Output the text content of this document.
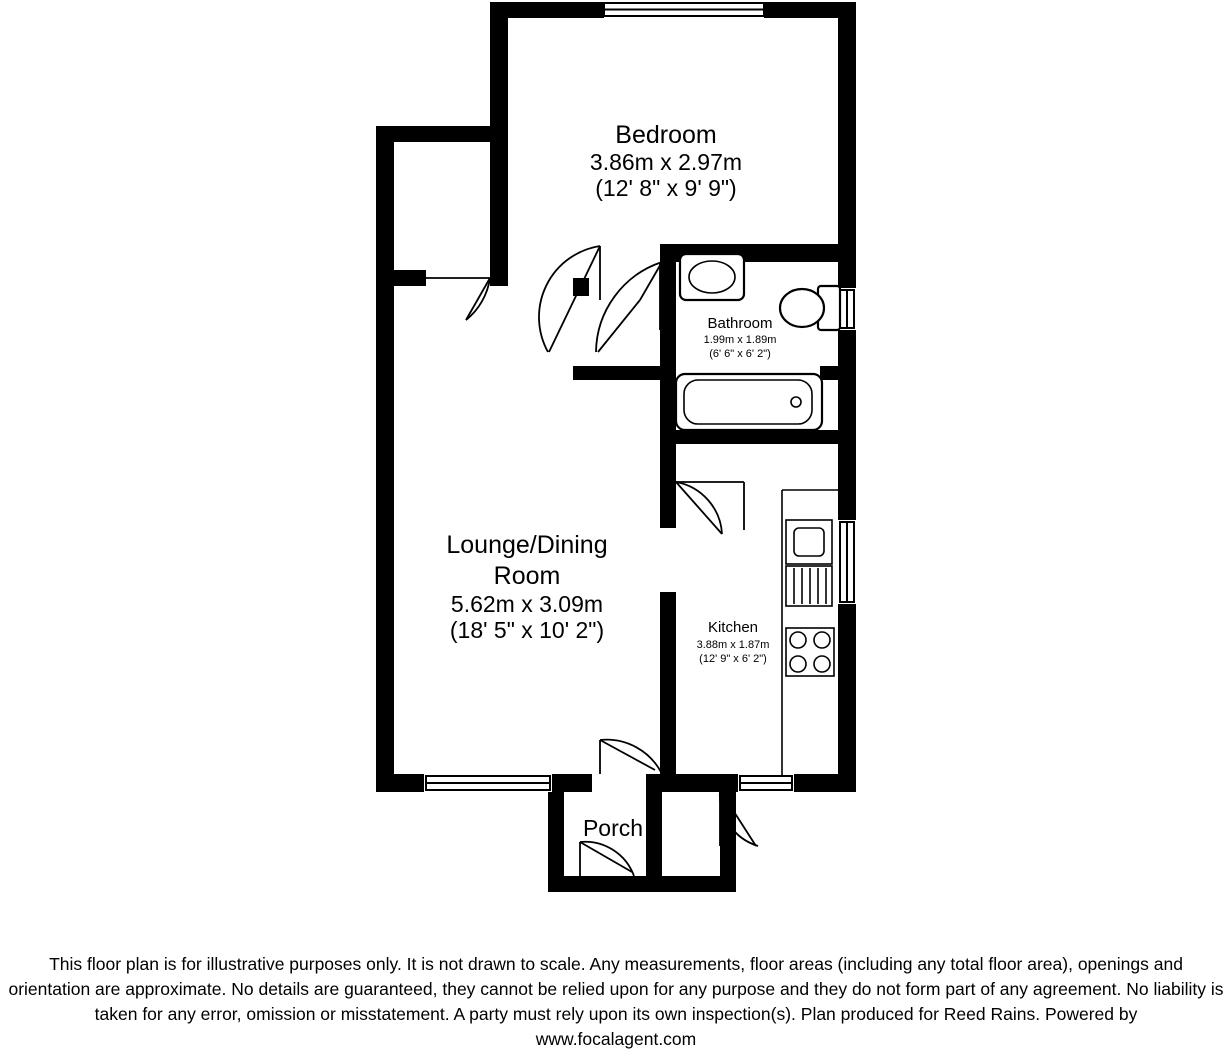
Bedroom
3.86m x 2.97m
(12' 8" x 9' 9")
Bathroom
1.99m x 1.89m
(6' 6" x 6' 2")
Lounge/Dining
Room
5.62m x 3.09m
(18' 5" x 10' 2")	Kitchen
3.88m x 1.87m
(12' 9" x 6' 2")
Porch
This floor plan is for illustrative purposes only. It is not drawn to scale. Any measurements, floor areas (including any total floor area), openings and orientation are approximate. No details are guaranteed, they cannot be relied upon for any purpose and they do not form part of any agreement. No liability is taken for any error, omission or misstatement. A party must rely upon its own inspection(s). Plan produced for Reed Rains. Powered by
www.focalagent.com
